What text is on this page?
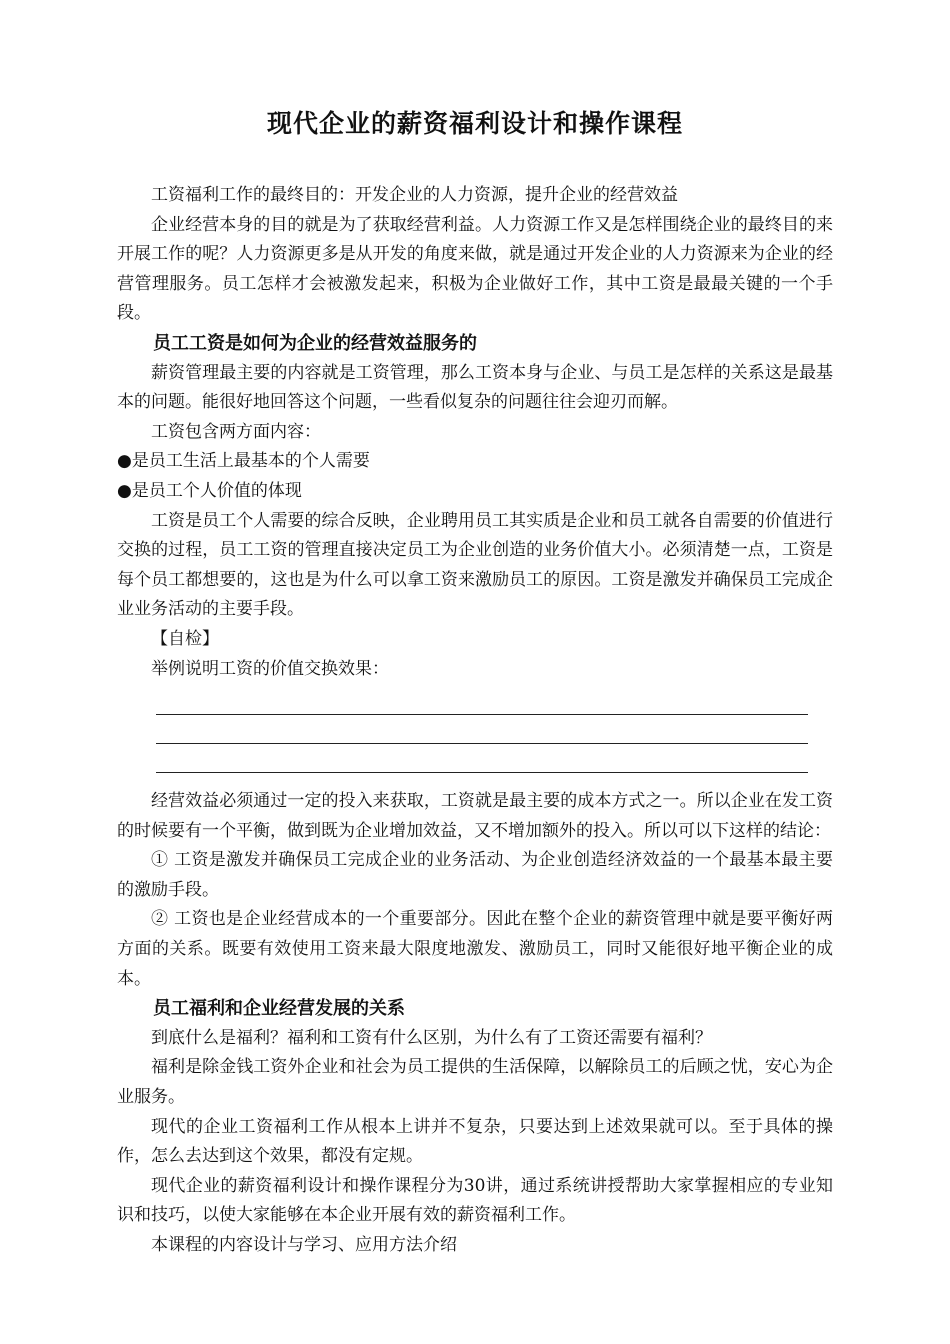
现代企业的薪资福利设计和操作课程

工资福利工作的最终目的：开发企业的人力资源，提升企业的经营效益

企业经营本身的目的就是为了获取经营利益。人力资源工作又是怎样围绕企业的最终目的来开展工作的呢？人力资源更多是从开发的角度来做，就是通过开发企业的人力资源来为企业的经营管理服务。员工怎样才会被激发起来，积极为企业做好工作，其中工资是最最关键的一个手段。

员工工资是如何为企业的经营效益服务的

薪资管理最主要的内容就是工资管理，那么工资本身与企业、与员工是怎样的关系这是最基本的问题。能很好地回答这个问题，一些看似复杂的问题往往会迎刃而解。

工资包含两方面内容：

●是员工生活上最基本的个人需要

●是员工个人价值的体现

工资是员工个人需要的综合反映，企业聘用员工其实质是企业和员工就各自需要的价值进行交换的过程，员工工资的管理直接决定员工为企业创造的业务价值大小。必须清楚一点，工资是每个员工都想要的，这也是为什么可以拿工资来激励员工的原因。工资是激发并确保员工完成企业业务活动的主要手段。

【自检】

举例说明工资的价值交换效果：

经营效益必须通过一定的投入来获取，工资就是最主要的成本方式之一。所以企业在发工资的时候要有一个平衡，做到既为企业增加效益，又不增加额外的投入。所以可以下这样的结论：

① 工资是激发并确保员工完成企业的业务活动、为企业创造经济效益的一个最基本最主要的激励手段。

② 工资也是企业经营成本的一个重要部分。因此在整个企业的薪资管理中就是要平衡好两方面的关系。既要有效使用工资来最大限度地激发、激励员工，同时又能很好地平衡企业的成本。

员工福利和企业经营发展的关系

到底什么是福利？福利和工资有什么区别，为什么有了工资还需要有福利？

福利是除金钱工资外企业和社会为员工提供的生活保障，以解除员工的后顾之忧，安心为企业服务。

现代的企业工资福利工作从根本上讲并不复杂，只要达到上述效果就可以。至于具体的操作，怎么去达到这个效果，都没有定规。

现代企业的薪资福利设计和操作课程分为30讲，通过系统讲授帮助大家掌握相应的专业知识和技巧，以使大家能够在本企业开展有效的薪资福利工作。

本课程的内容设计与学习、应用方法介绍
